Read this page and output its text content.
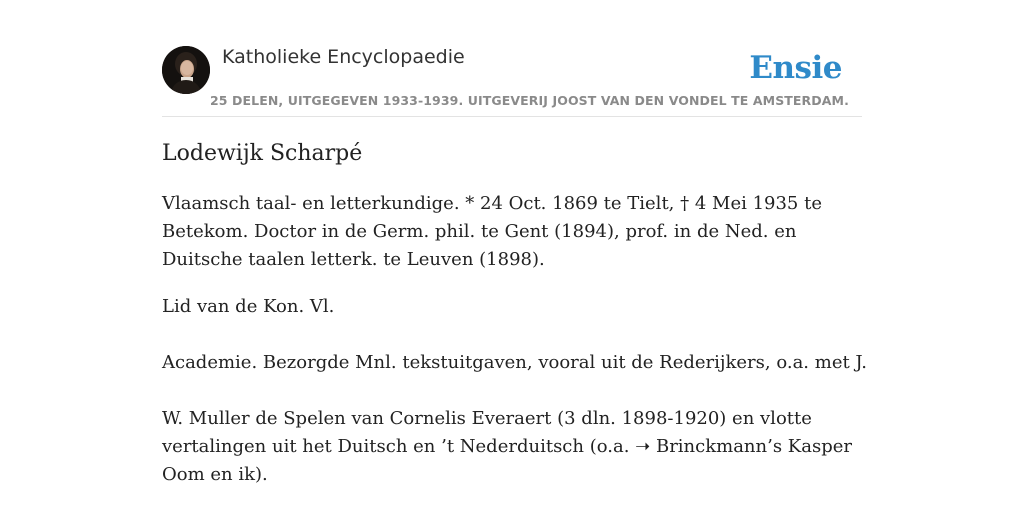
Katholieke Encyclopaedie	Ensie
25 DELEN, UITGEGEVEN 1933-1939. UITGEVERIJ JOOST VAN DEN VONDEL TE AMSTERDAM.
Lodewijk Scharpé

Vlaamsch taal- en letterkundige. * 24 Oct. 1869 te Tielt, † 4 Mei 1935 te Betekom. Doctor in de Germ. phil. te Gent (1894), prof. in de Ned. en Duitsche taalen letterk. te Leuven (1898).

Lid van de Kon. Vl.

Academie. Bezorgde Mnl. tekstuitgaven, vooral uit de Rederijkers, o.a. met J.

W. Muller de Spelen van Cornelis Everaert (3 dln. 1898-1920) en vlotte vertalingen uit het Duitsch en ’t Nederduitsch (o.a. ➝ Brinckmann’s Kasper Oom en ik).
